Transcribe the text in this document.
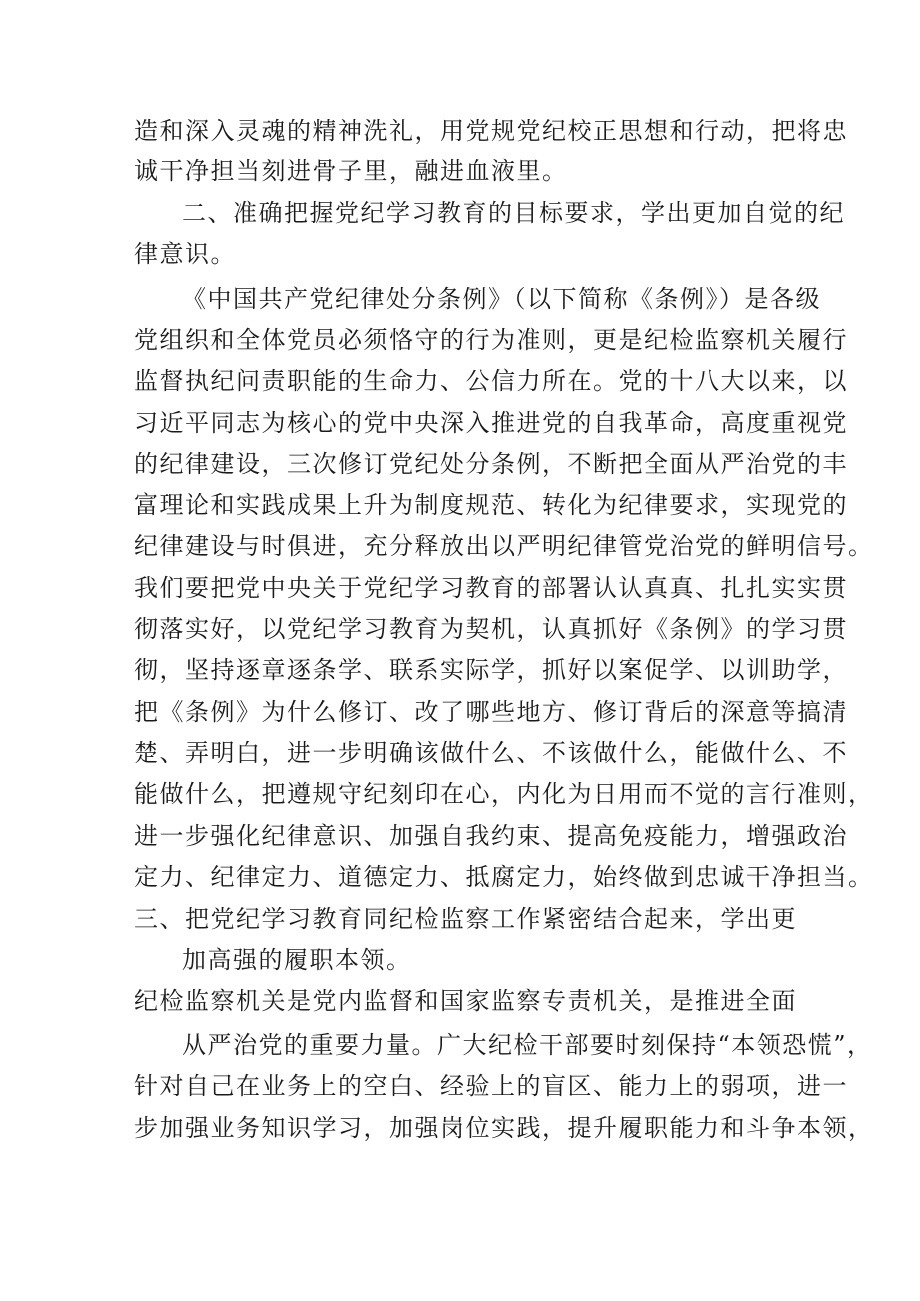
造和深入灵魂的精神洗礼，用党规党纪校正思想和行动，把将忠
诚干净担当刻进骨子里，融进血液里。
二、准确把握党纪学习教育的目标要求，学出更加自觉的纪
律意识。
《中国共产党纪律处分条例》（以下简称《条例》）是各级
党组织和全体党员必须恪守的行为准则，更是纪检监察机关履行
监督执纪问责职能的生命力、公信力所在。党的十八大以来，以
习近平同志为核心的党中央深入推进党的自我革命，高度重视党
的纪律建设，三次修订党纪处分条例，不断把全面从严治党的丰
富理论和实践成果上升为制度规范、转化为纪律要求，实现党的
纪律建设与时俱进，充分释放出以严明纪律管党治党的鲜明信号。
我们要把党中央关于党纪学习教育的部署认认真真、扎扎实实贯
彻落实好，以党纪学习教育为契机，认真抓好《条例》的学习贯
彻，坚持逐章逐条学、联系实际学，抓好以案促学、以训助学，
把《条例》为什么修订、改了哪些地方、修订背后的深意等搞清
楚、弄明白，进一步明确该做什么、不该做什么，能做什么、不
能做什么，把遵规守纪刻印在心，内化为日用而不觉的言行准则，
进一步强化纪律意识、加强自我约束、提高免疫能力，增强政治
定力、纪律定力、道德定力、抵腐定力，始终做到忠诚干净担当。
三、把党纪学习教育同纪检监察工作紧密结合起来，学出更
加高强的履职本领。
纪检监察机关是党内监督和国家监察专责机关，是推进全面
从严治党的重要力量。广大纪检干部要时刻保持“本领恐慌”，
针对自己在业务上的空白、经验上的盲区、能力上的弱项，进一
步加强业务知识学习，加强岗位实践，提升履职能力和斗争本领，
